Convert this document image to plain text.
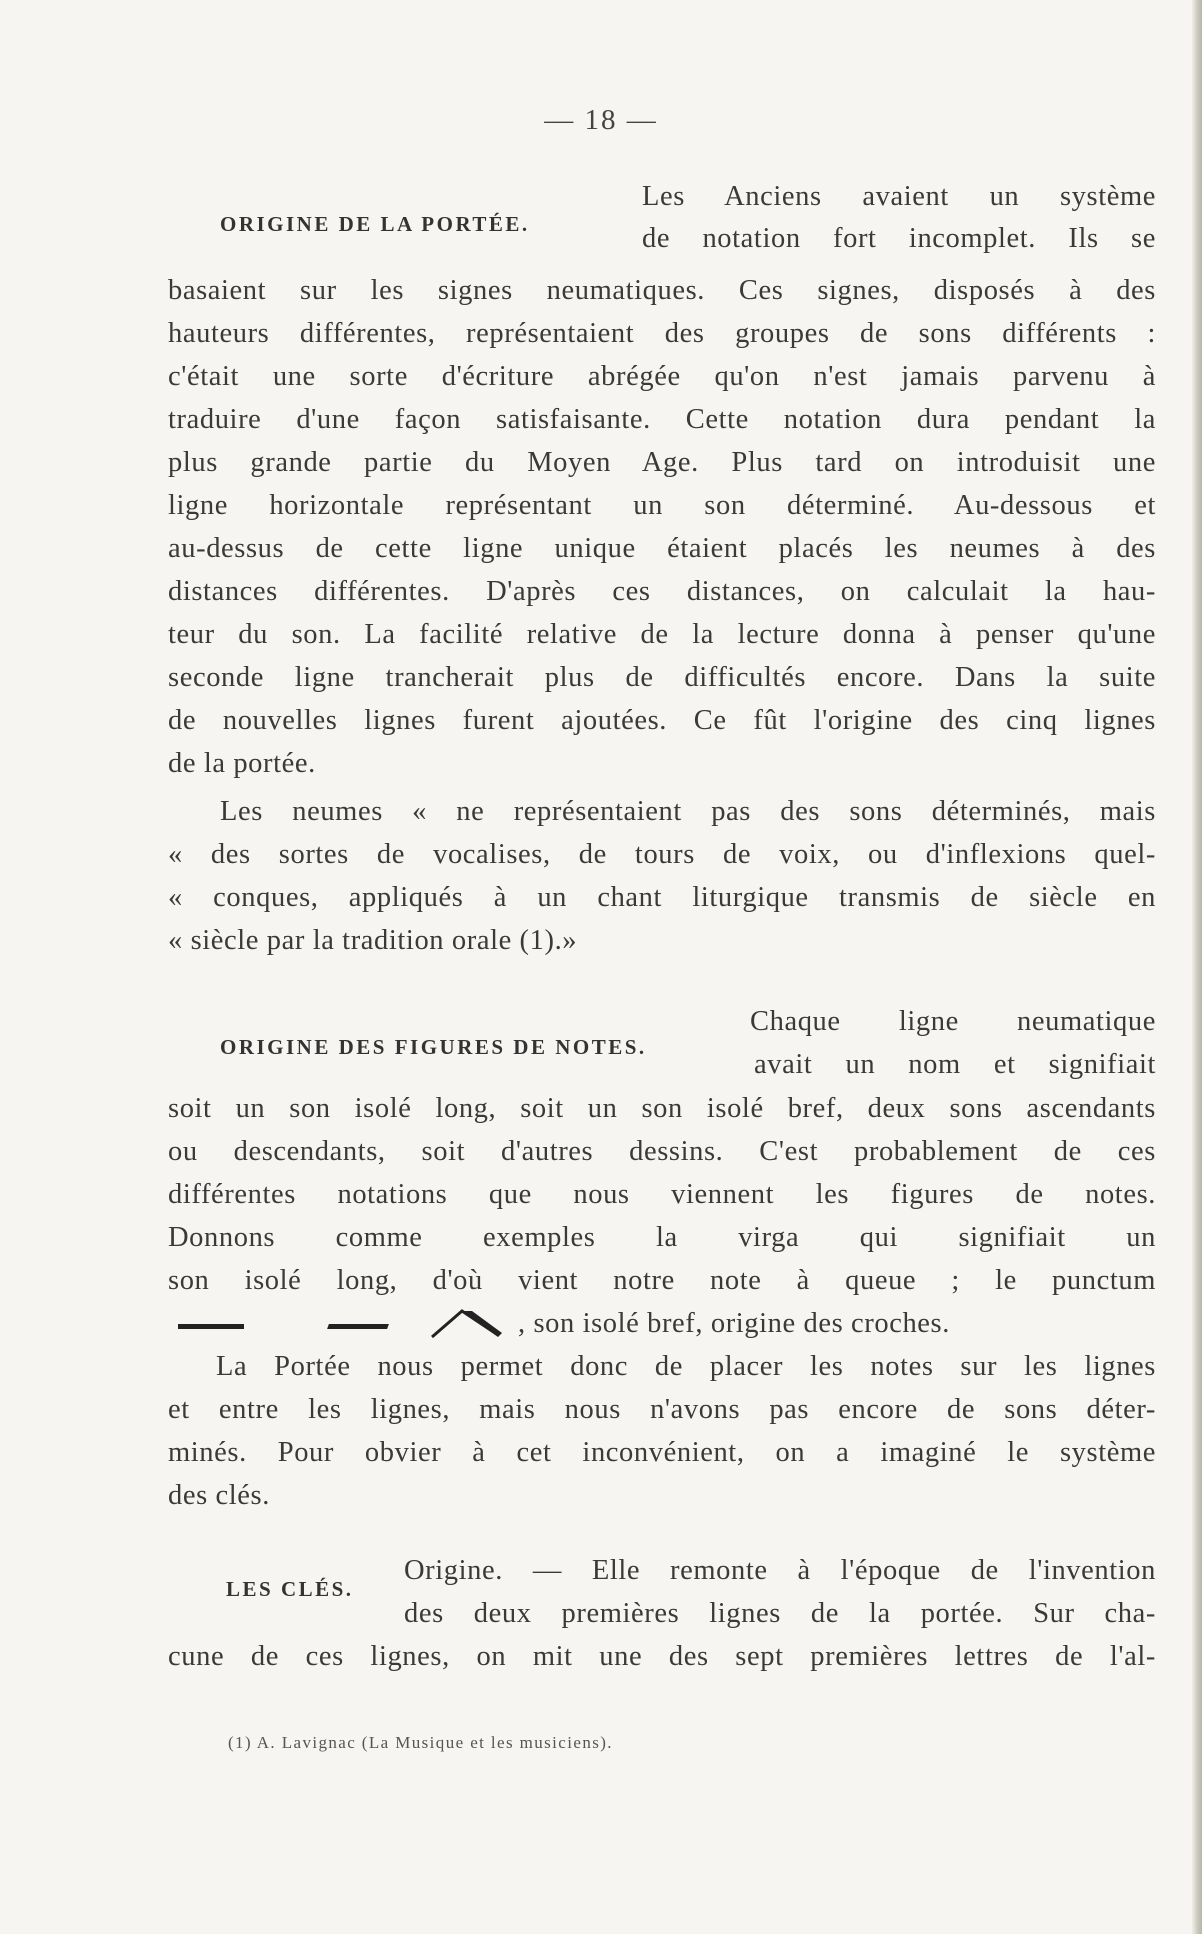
— 18 —
ORIGINE DE LA PORTÉE.
Les Anciens avaient un système
de notation fort incomplet. Ils se
basaient sur les signes neumatiques. Ces signes, disposés à des
hauteurs différentes, représentaient des groupes de sons différents :
c'était une sorte d'écriture abrégée qu'on n'est jamais parvenu à
traduire d'une façon satisfaisante. Cette notation dura pendant la
plus grande partie du Moyen Age. Plus tard on introduisit une
ligne horizontale représentant un son déterminé. Au-dessous et
au-dessus de cette ligne unique étaient placés les neumes à des
distances différentes. D'après ces distances, on calculait la hau-
teur du son. La facilité relative de la lecture donna à penser qu'une
seconde ligne trancherait plus de difficultés encore. Dans la suite
de nouvelles lignes furent ajoutées. Ce fût l'origine des cinq lignes
de la portée.
Les neumes « ne représentaient pas des sons déterminés, mais
« des sortes de vocalises, de tours de voix, ou d'inflexions quel-
« conques, appliqués à un chant liturgique transmis de siècle en
« siècle par la tradition orale (1).»
ORIGINE DES FIGURES DE NOTES.
Chaque ligne neumatique
avait un nom et signifiait
soit un son isolé long, soit un son isolé bref, deux sons ascendants
ou descendants, soit d'autres dessins. C'est probablement de ces
différentes notations que nous viennent les figures de notes.
Donnons comme exemples la virga qui signifiait un
son isolé long, d'où vient notre note à queue ; le punctum
, son isolé bref, origine des croches.
La Portée nous permet donc de placer les notes sur les lignes
et entre les lignes, mais nous n'avons pas encore de sons déter-
minés. Pour obvier à cet inconvénient, on a imaginé le système
des clés.
LES CLÉS.
Origine. — Elle remonte à l'époque de l'invention
des deux premières lignes de la portée. Sur cha-
cune de ces lignes, on mit une des sept premières lettres de l'al-
(1) A. Lavignac (La Musique et les musiciens).
